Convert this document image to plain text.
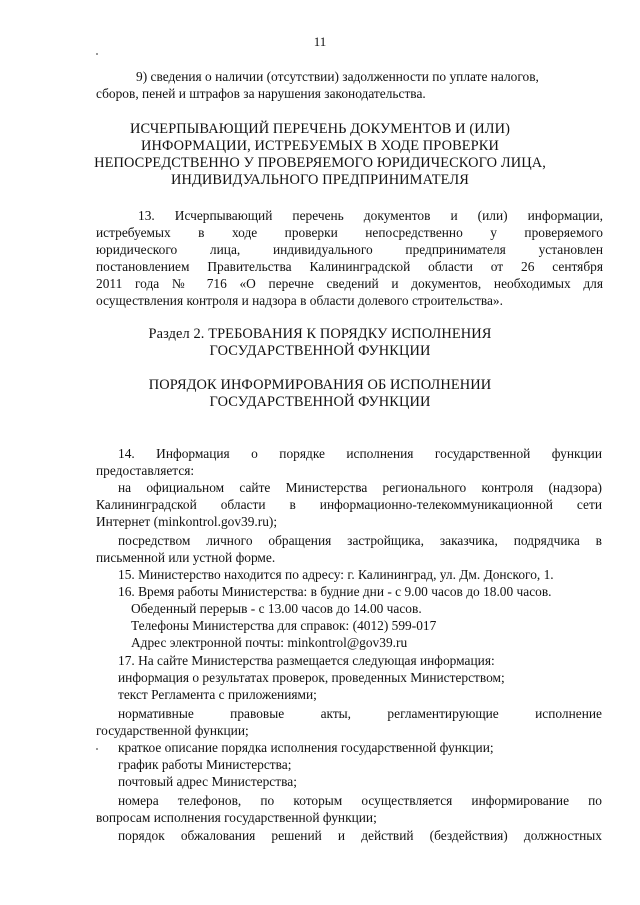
11
9) сведения о наличии (отсутствии) задолженности по уплате налогов,
сборов, пеней и штрафов за нарушения законодательства.
ИСЧЕРПЫВАЮЩИЙ ПЕРЕЧЕНЬ ДОКУМЕНТОВ И (ИЛИ)
ИНФОРМАЦИИ, ИСТРЕБУЕМЫХ В ХОДЕ ПРОВЕРКИ
НЕПОСРЕДСТВЕННО У ПРОВЕРЯЕМОГО ЮРИДИЧЕСКОГО ЛИЦА,
ИНДИВИДУАЛЬНОГО ПРЕДПРИНИМАТЕЛЯ
13. Исчерпывающий перечень документов и (или) информации,
истребуемых в ходе проверки непосредственно у проверяемого
юридического лица, индивидуального предпринимателя установлен
постановлением Правительства Калининградской области от 26 сентября
2011 года № 716 «О перечне сведений и документов, необходимых для
осуществления контроля и надзора в области долевого строительства».
Раздел 2. ТРЕБОВАНИЯ К ПОРЯДКУ ИСПОЛНЕНИЯ
ГОСУДАРСТВЕННОЙ ФУНКЦИИ
ПОРЯДОК ИНФОРМИРОВАНИЯ ОБ ИСПОЛНЕНИИ
ГОСУДАРСТВЕННОЙ ФУНКЦИИ
14. Информация о порядке исполнения государственной функции
предоставляется:
на официальном сайте Министерства регионального контроля (надзора)
Калининградской области в информационно-телекоммуникационной сети
Интернет (minkontrol.gov39.ru);
посредством личного обращения застройщика, заказчика, подрядчика в
письменной или устной форме.
15. Министерство находится по адресу: г. Калининград, ул. Дм. Донского, 1.
16. Время работы Министерства: в будние дни - с 9.00 часов до 18.00 часов.
Обеденный перерыв - с 13.00 часов до 14.00 часов.
Телефоны Министерства для справок: (4012) 599-017
Адрес электронной почты: minkontrol@gov39.ru
17. На сайте Министерства размещается следующая информация:
информация о результатах проверок, проведенных Министерством;
текст Регламента с приложениями;
нормативные правовые акты, регламентирующие исполнение
государственной функции;
краткое описание порядка исполнения государственной функции;
график работы Министерства;
почтовый адрес Министерства;
номера телефонов, по которым осуществляется информирование по
вопросам исполнения государственной функции;
порядок обжалования решений и действий (бездействия) должностных
